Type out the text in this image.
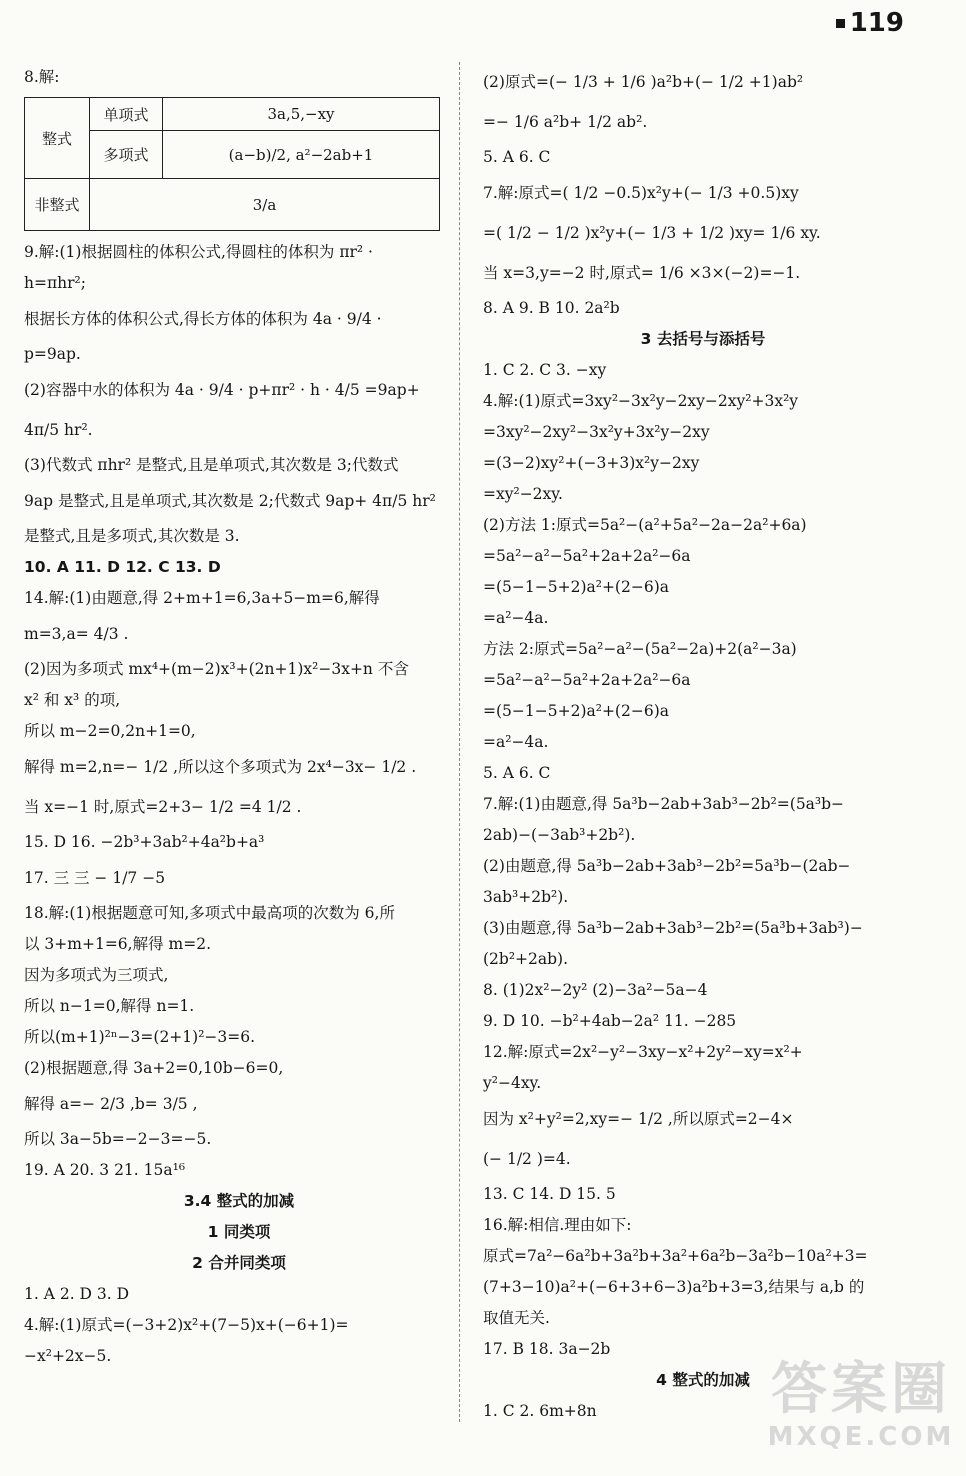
119
8.解:
整式	单项式	3a,5,−xy
	多项式	(a−b)/2, a²−2ab+1
非整式	3/a	
9.解:(1)根据圆柱的体积公式,得圆柱的体积为 πr² ·
h=πhr²;
根据长方体的体积公式,得长方体的体积为 4a · 9/4 ·
p=9ap.
(2)容器中水的体积为 4a · 9/4 · p+πr² · h · 4/5 =9ap+
4π/5 hr².
(3)代数式 πhr² 是整式,且是单项式,其次数是 3;代数式
9ap 是整式,且是单项式,其次数是 2;代数式 9ap+ 4π/5 hr²
是整式,且是多项式,其次数是 3.
10. A 11. D 12. C 13. D
14.解:(1)由题意,得 2+m+1=6,3a+5−m=6,解得
m=3,a= 4/3 .
(2)因为多项式 mx⁴+(m−2)x³+(2n+1)x²−3x+n 不含
x² 和 x³ 的项,
所以 m−2=0,2n+1=0,
解得 m=2,n=− 1/2 ,所以这个多项式为 2x⁴−3x− 1/2 .
当 x=−1 时,原式=2+3− 1/2 =4 1/2 .
15. D 16. −2b³+3ab²+4a²b+a³
17. 三 三 − 1/7 −5
18.解:(1)根据题意可知,多项式中最高项的次数为 6,所
以 3+m+1=6,解得 m=2.
因为多项式为三项式,
所以 n−1=0,解得 n=1.
所以(m+1)²ⁿ−3=(2+1)²−3=6.
(2)根据题意,得 3a+2=0,10b−6=0,
解得 a=− 2/3 ,b= 3/5 ,
所以 3a−5b=−2−3=−5.
19. A 20. 3 21. 15a¹⁶
3.4 整式的加减
1 同类项
2 合并同类项
1. A 2. D 3. D
4.解:(1)原式=(−3+2)x²+(7−5)x+(−6+1)=
−x²+2x−5.
(2)原式=(− 1/3 + 1/6 )a²b+(− 1/2 +1)ab²
=− 1/6 a²b+ 1/2 ab².
5. A 6. C
7.解:原式=( 1/2 −0.5)x²y+(− 1/3 +0.5)xy
=( 1/2 − 1/2 )x²y+(− 1/3 + 1/2 )xy= 1/6 xy.
当 x=3,y=−2 时,原式= 1/6 ×3×(−2)=−1.
8. A 9. B 10. 2a²b
3 去括号与添括号
1. C 2. C 3. −xy
4.解:(1)原式=3xy²−3x²y−2xy−2xy²+3x²y
=3xy²−2xy²−3x²y+3x²y−2xy
=(3−2)xy²+(−3+3)x²y−2xy
=xy²−2xy.
(2)方法 1:原式=5a²−(a²+5a²−2a−2a²+6a)
=5a²−a²−5a²+2a+2a²−6a
=(5−1−5+2)a²+(2−6)a
=a²−4a.
方法 2:原式=5a²−a²−(5a²−2a)+2(a²−3a)
=5a²−a²−5a²+2a+2a²−6a
=(5−1−5+2)a²+(2−6)a
=a²−4a.
5. A 6. C
7.解:(1)由题意,得 5a³b−2ab+3ab³−2b²=(5a³b−
2ab)−(−3ab³+2b²).
(2)由题意,得 5a³b−2ab+3ab³−2b²=5a³b−(2ab−
3ab³+2b²).
(3)由题意,得 5a³b−2ab+3ab³−2b²=(5a³b+3ab³)−
(2b²+2ab).
8. (1)2x²−2y² (2)−3a²−5a−4
9. D 10. −b²+4ab−2a² 11. −285
12.解:原式=2x²−y²−3xy−x²+2y²−xy=x²+
y²−4xy.
因为 x²+y²=2,xy=− 1/2 ,所以原式=2−4×
(− 1/2 )=4.
13. C 14. D 15. 5
16.解:相信.理由如下:
原式=7a²−6a²b+3a²b+3a²+6a²b−3a²b−10a²+3=
(7+3−10)a²+(−6+3+6−3)a²b+3=3,结果与 a,b 的
取值无关.
17. B 18. 3a−2b
4 整式的加减
1. C 2. 6m+8n	答案圈
MXQE.COM
